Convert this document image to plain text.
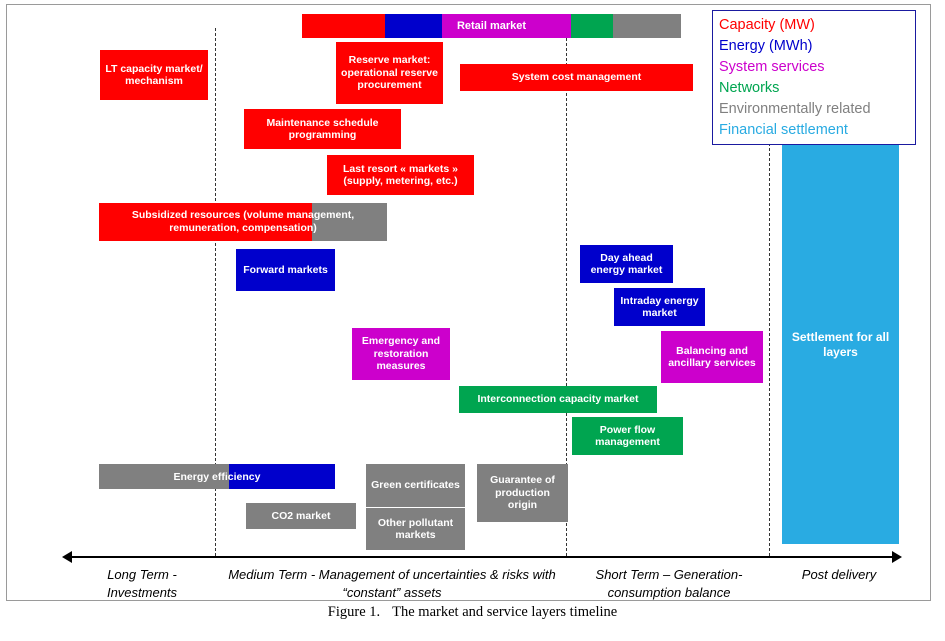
Retail market
LT capacity market/ mechanism
Reserve market: operational reserve procurement
System cost management
Maintenance schedule programming
Last resort « markets » (supply, metering, etc.)
Subsidized resources (volume management, remuneration, compensation)
Forward markets
Day ahead energy market
Intraday energy market
Emergency and restoration measures
Balancing and ancillary services
Interconnection capacity market
Power flow management
Energy efficiency
CO2 market
Green certificates
Other pollutant markets
Guarantee of production origin
Settlement for all layers
Capacity (MW)
Energy (MWh)
System services
Networks
Environmentally related
Financial settlement
Long Term - Investments
Medium Term - Management of uncertainties & risks with “constant” assets
Short Term – Generation-consumption balance
Post delivery
Figure 1. The market and service layers timeline
